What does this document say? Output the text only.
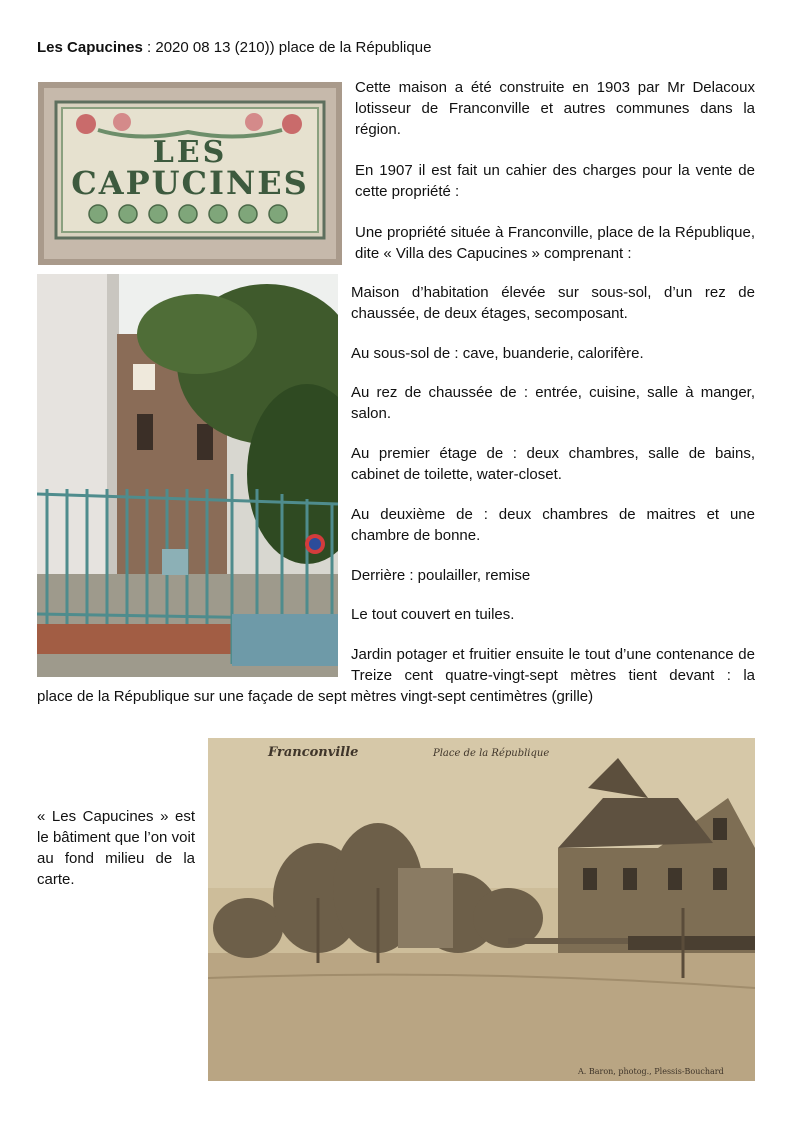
Les Capucines : 2020 08 13 (210)) place de la République
LES
CAPUCINES

Cette maison a été construite en 1903 par Mr Delacoux lotisseur de Franconville et autres communes dans la région.

En 1907 il est fait un cahier des charges pour la vente de cette propriété :

Une propriété située à Franconville, place de la République, dite « Villa des Capucines » comprenant :

Maison d’habitation élevée sur sous-sol, d’un rez de chaussée, de deux étages, secomposant.

Au sous-sol de : cave, buanderie, calorifère.

Au rez de chaussée de : entrée, cuisine, salle à manger, salon.

Au premier étage de : deux chambres, salle de bains, cabinet de toilette, water-closet.

Au deuxième de : deux chambres de maitres et une chambre de bonne.

Derrière : poulailler, remise

Le tout couvert en tuiles.

Jardin potager et fruitier ensuite le tout d’une contenance de Treize cent quatre-vingt-sept mètres tient devant : la

place de la République sur une façade de sept mètres vingt-sept centimètres (grille)

« Les Capucines » est le bâtiment que l’on voit au fond milieu de la carte.

Franconville	Place de la République
A. Baron, photog., Plessis-Bouchard
